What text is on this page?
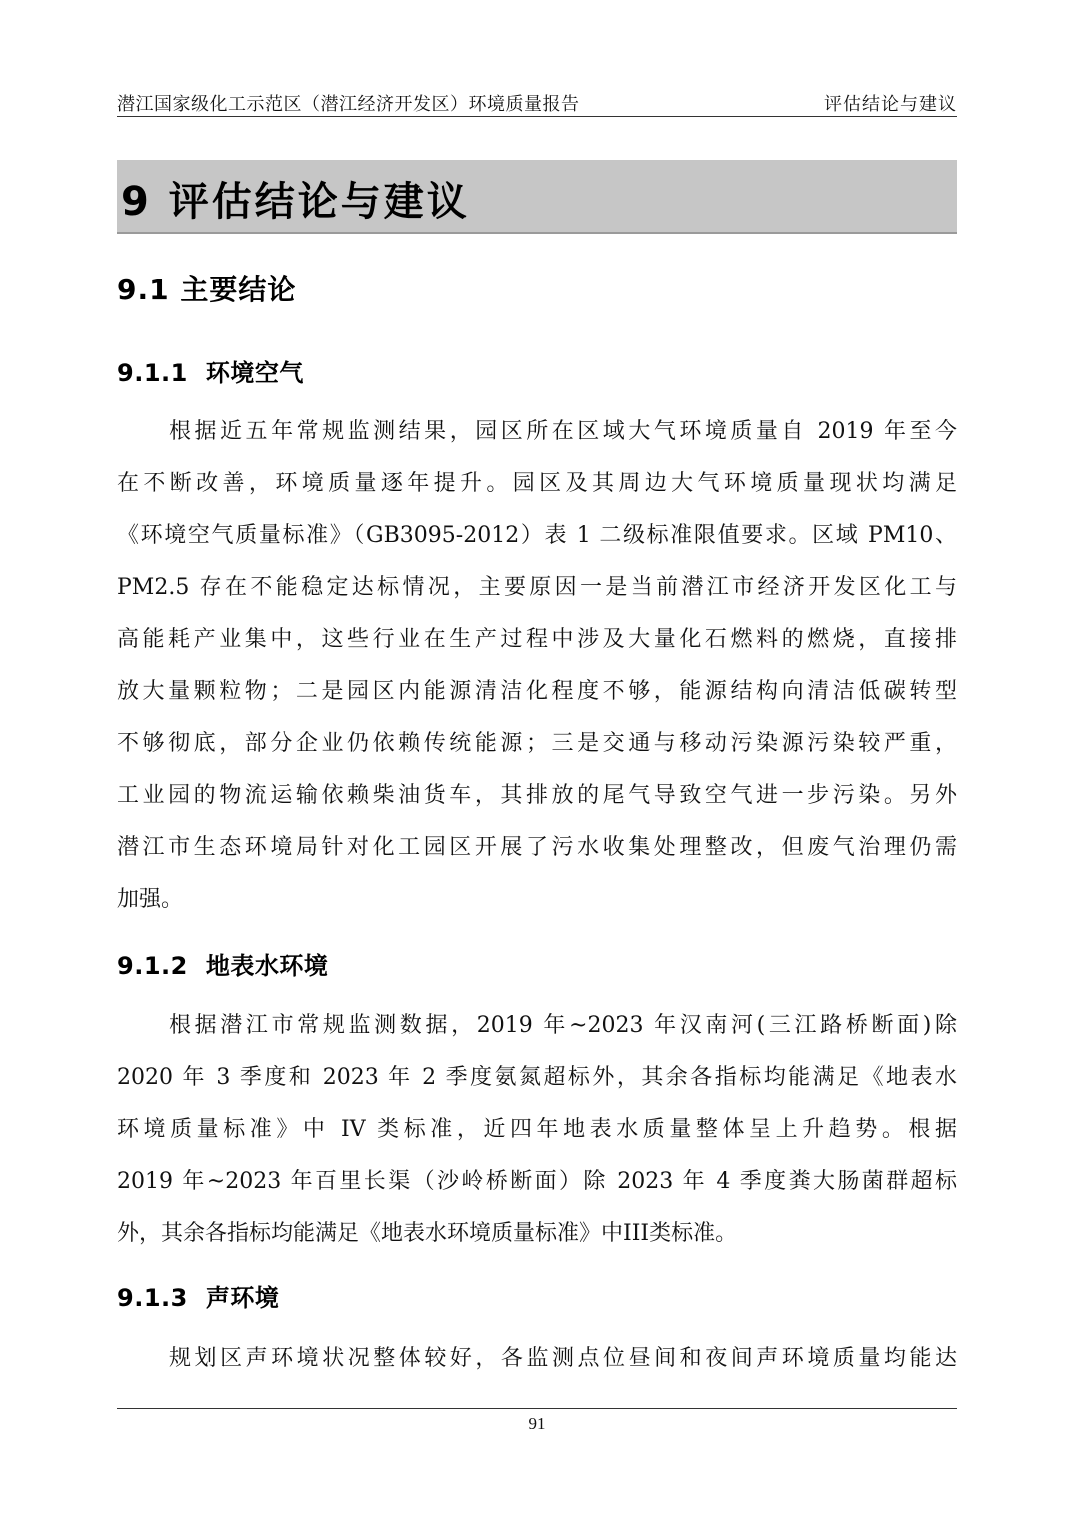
潜江国家级化工示范区（潜江经济开发区）环境质量报告	评估结论与建议
9 评估结论与建议
9.1 主要结论
9.1.1 环境空气
根据近五年常规监测结果，园区所在区域大气环境质量自 2019 年至今
在不断改善，环境质量逐年提升。园区及其周边大气环境质量现状均满足
《环境空气质量标准》（GB3095-2012）表 1 二级标准限值要求。区域 PM10、
PM2.5 存在不能稳定达标情况，主要原因一是当前潜江市经济开发区化工与
高能耗产业集中，这些行业在生产过程中涉及大量化石燃料的燃烧，直接排
放大量颗粒物；二是园区内能源清洁化程度不够，能源结构向清洁低碳转型
不够彻底，部分企业仍依赖传统能源；三是交通与移动污染源污染较严重，
工业园的物流运输依赖柴油货车，其排放的尾气导致空气进一步污染。另外
潜江市生态环境局针对化工园区开展了污水收集处理整改，但废气治理仍需
加强。
9.1.2 地表水环境
根据潜江市常规监测数据，2019 年~2023 年汉南河(三江路桥断面)除
2020 年 3 季度和 2023 年 2 季度氨氮超标外，其余各指标均能满足《地表水
环境质量标准》中 IV 类标准，近四年地表水质量整体呈上升趋势。根据
2019 年~2023 年百里长渠（沙岭桥断面）除 2023 年 4 季度粪大肠菌群超标
外，其余各指标均能满足《地表水环境质量标准》中III类标准。
9.1.3 声环境
规划区声环境状况整体较好，各监测点位昼间和夜间声环境质量均能达
91
